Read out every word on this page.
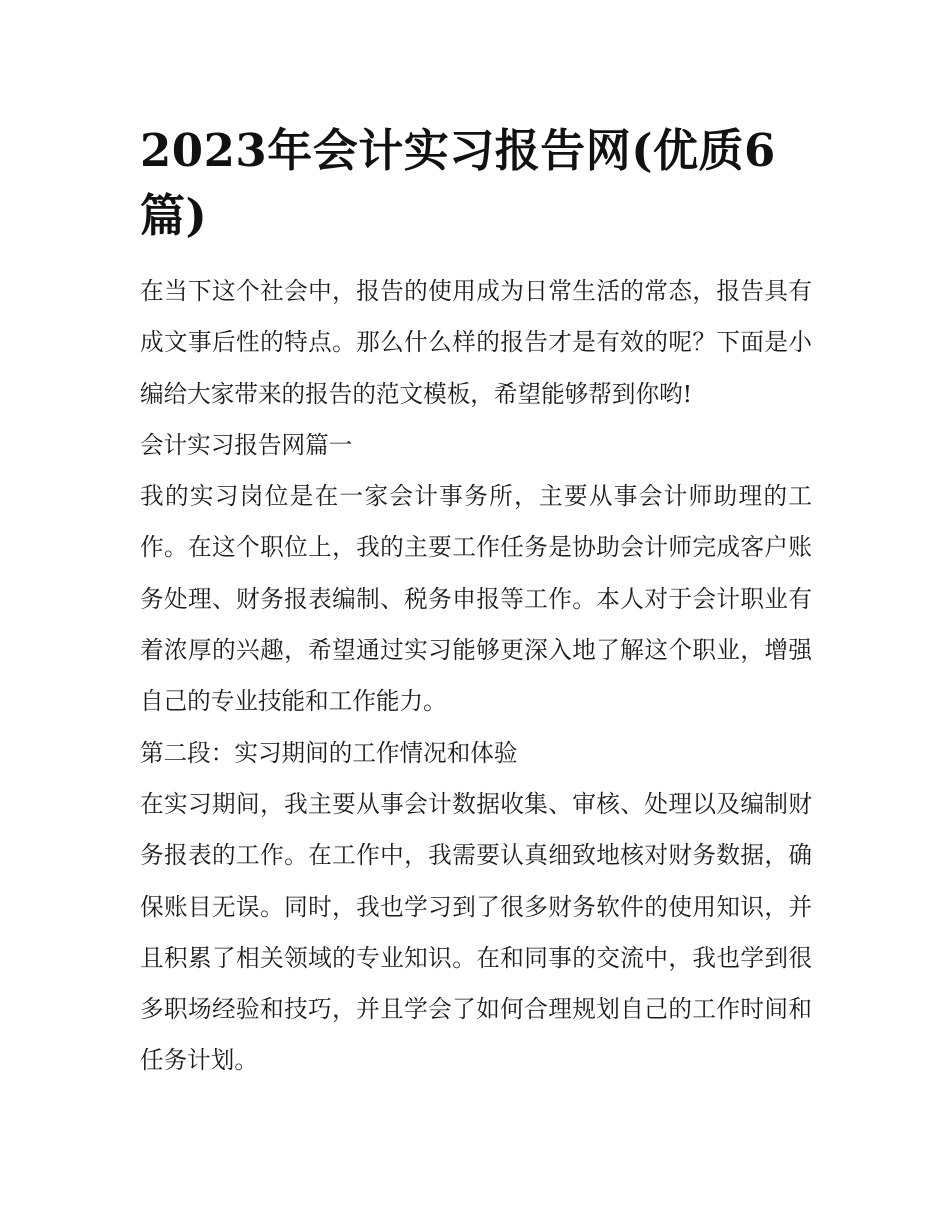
2023年会计实习报告网(优质6篇)

在当下这个社会中，报告的使用成为日常生活的常态，报告具有成文事后性的特点。那么什么样的报告才是有效的呢？下面是小编给大家带来的报告的范文模板，希望能够帮到你哟!

会计实习报告网篇一

我的实习岗位是在一家会计事务所，主要从事会计师助理的工作。在这个职位上，我的主要工作任务是协助会计师完成客户账务处理、财务报表编制、税务申报等工作。本人对于会计职业有着浓厚的兴趣，希望通过实习能够更深入地了解这个职业，增强自己的专业技能和工作能力。

第二段：实习期间的工作情况和体验

在实习期间，我主要从事会计数据收集、审核、处理以及编制财务报表的工作。在工作中，我需要认真细致地核对财务数据，确保账目无误。同时，我也学习到了很多财务软件的使用知识，并且积累了相关领域的专业知识。在和同事的交流中，我也学到很多职场经验和技巧，并且学会了如何合理规划自己的工作时间和任务计划。
